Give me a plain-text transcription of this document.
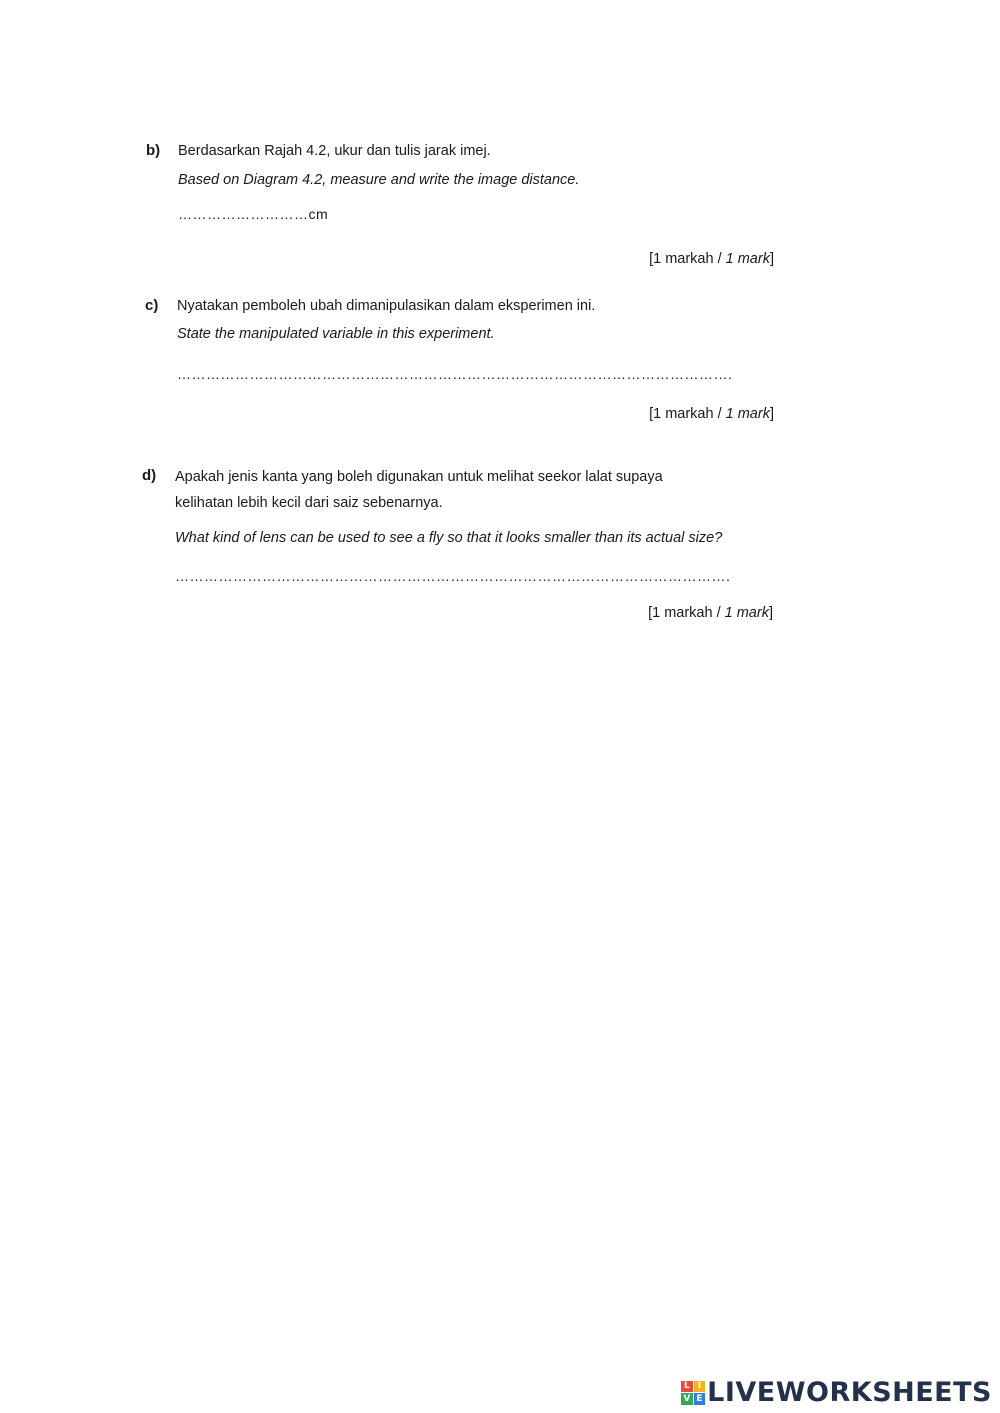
b) Berdasarkan Rajah 4.2, ukur dan tulis jarak imej.
Based on Diagram 4.2, measure and write the image distance.
………………………cm
[1 markah / 1 mark]
c) Nyatakan pemboleh ubah dimanipulasikan dalam eksperimen ini.
State the manipulated variable in this experiment.
…………………………………………………………………………………………………….
[1 markah / 1 mark]
d) Apakah jenis kanta yang boleh digunakan untuk melihat seekor lalat supaya
kelihatan lebih kecil dari saiz sebenarnya.
What kind of lens can be used to see a fly so that it looks smaller than its actual size?
…………………………………………………………………………………………………….
[1 markah / 1 mark]
L I
V E LIVEWORKSHEETS
